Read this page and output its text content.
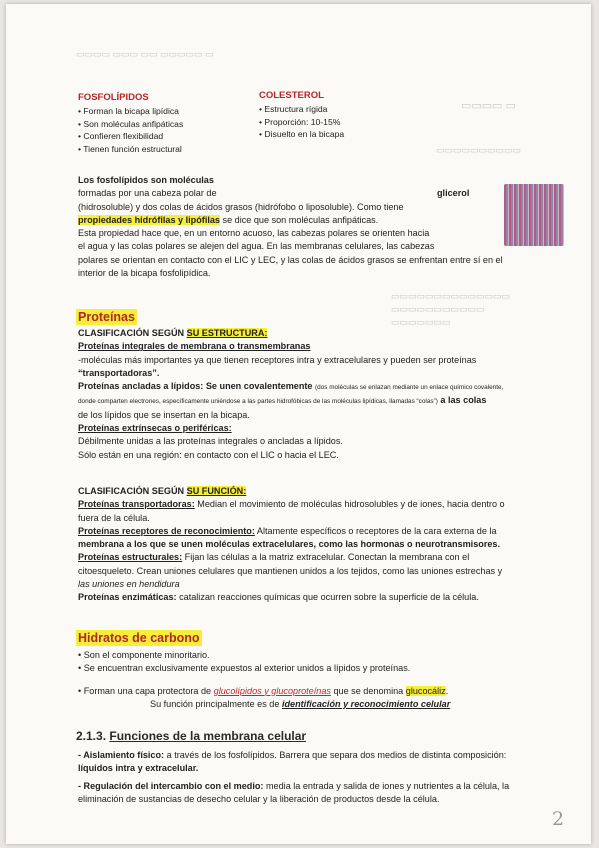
▭▭▭▭ ▭▭▭ ▭▭ ▭▭▭▭▭ ▭
▭▭▭▭ ▭
▭▭▭▭▭▭▭▭▭▭
▭▭▭▭▭▭▭▭▭▭▭▭▭▭
▭▭▭▭▭▭▭▭▭▭▭
▭▭▭▭▭▭▭
FOSFOLÍPIDOS
• Forman la bicapa lipídica
• Son moléculas anfipáticas
• Confieren flexibilidad
• Tienen función estructural
COLESTEROL
• Estructura rígida
• Proporción: 10-15%
• Disuelto en la bicapa

Los fosfolípidos son moléculas

formadas por una cabeza polar de	glicerol

(hidrosoluble) y dos colas de ácidos grasos (hidrófobo o liposoluble). Como tiene

propiedades hidrófilas y lipófilas se dice que son moléculas anfipáticas.

Esta propiedad hace que, en un entorno acuoso, las cabezas polares se orienten hacia

el agua y las colas polares se alejen del agua. En las membranas celulares, las cabezas

polares se orientan en contacto con el LIC y LEC, y las colas de ácidos grasos se enfrentan entre sí en el

interior de la bicapa fosfolipídica.

Proteínas

CLASIFICACIÓN SEGÚN SU ESTRUCTURA:

Proteínas integrales de membrana o transmembranas

-moléculas más importantes ya que tienen receptores intra y extracelulares y pueden ser proteínas

“transportadoras”.

Proteínas ancladas a lípidos: Se unen covalentemente (dos moléculas se enlazan mediante un enlace químico covalente,

donde comparten electrones, específicamente uniéndose a las partes hidrofóbicas de las moléculas lipídicas, llamadas “colas”) a las colas

de los lípidos que se insertan en la bicapa.

Proteínas extrínsecas o periféricas:

Débilmente unidas a las proteínas integrales o ancladas a lípidos.

Sólo están en una región: en contacto con el LIC o hacia el LEC.

CLASIFICACIÓN SEGÚN SU FUNCIÓN:

Proteínas transportadoras: Median el movimiento de moléculas hidrosolubles y de iones, hacia dentro o

fuera de la célula.

Proteínas receptores de reconocimiento: Altamente específicos o receptores de la cara externa de la

membrana a los que se unen moléculas extracelulares, como las hormonas o neurotransmisores.

Proteínas estructurales: Fijan las células a la matriz extracelular. Conectan la membrana con el

citoesqueleto. Crean uniones celulares que mantienen unidos a los tejidos, como las uniones estrechas y

las uniones en hendidura

Proteínas enzimáticas: catalizan reacciones químicas que ocurren sobre la superficie de la célula.

Hidratos de carbono

• Son el componente minoritario.

• Se encuentran exclusivamente expuestos al exterior unidos a lípidos y proteínas.

• Forman una capa protectora de glucolípidos y glucoproteínas que se denomina glucocáliz.

Su función principalmente es de identificación y reconocimiento celular

2.1.3. Funciones de la membrana celular

- Aislamiento físico: a través de los fosfolípidos. Barrera que separa dos medios de distinta composición:

líquidos intra y extracelular.

- Regulación del intercambio con el medio: media la entrada y salida de iones y nutrientes a la célula, la

eliminación de sustancias de desecho celular y la liberación de productos desde la célula.

2
